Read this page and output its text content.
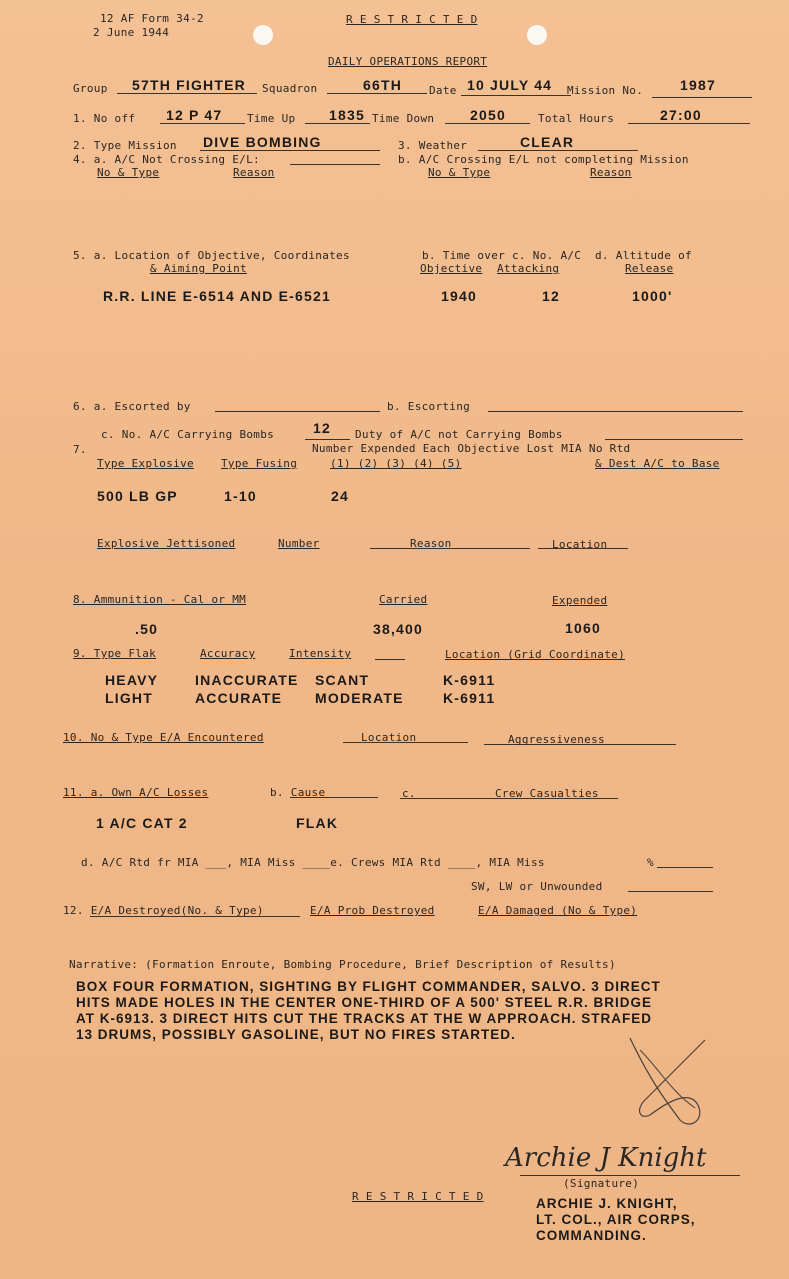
12 AF Form 34-2
2 June 1944
R E S T R I C T E D
DAILY OPERATIONS REPORT
Group 57TH FIGHTER Squadron	66TH Date 10 JULY 44 Mission No.	1987
1. No off 12 P 47 Time Up 1835 Time Down	2050	Total Hours	27:00
2. Type Mission DIVE BOMBING	3. Weather	CLEAR
4. a. A/C Not Crossing E/L:	b. A/C Crossing E/L not completing Mission
No & Type	Reason	No & Type	Reason
5. a. Location of Objective, Coordinates
& Aiming Point
b. Time over
Objective
c. No. A/C
Attacking
d. Altitude of
Release
R.R. LINE E-6514 AND E-6521	1940	12	1000'
6. a. Escorted by	b. Escorting
c. No. A/C Carrying Bombs	12 Duty of A/C not Carrying Bombs
7.	Number Expended Each Objective Lost MIA No Rtd
Type Explosive Type Fusing	(1) (2) (3) (4) (5)	& Dest A/C to Base
500 LB GP	1-10	24
Explosive Jettisoned	Number	Reason	Location
8. Ammunition - Cal or MM	Carried	Expended
.50	38,400	1060
9. Type Flak	Accuracy	Intensity	Location (Grid Coordinate)
HEAVY	INACCURATE SCANT	K-6911
LIGHT	ACCURATE MODERATE	K-6911
10. No & Type E/A Encountered	Location	Aggressiveness
11. a. Own A/C Losses	b. Cause	c.	Crew Casualties
1 A/C CAT 2	FLAK
d. A/C Rtd fr MIA ___, MIA Miss ____e. Crews MIA Rtd ____, MIA Miss	%
SW, LW or Unwounded
12. E/A Destroyed(No. & Type)	E/A Prob Destroyed	E/A Damaged (No & Type)
Narrative: (Formation Enroute, Bombing Procedure, Brief Description of Results)
BOX FOUR FORMATION, SIGHTING BY FLIGHT COMMANDER, SALVO. 3 DIRECT
HITS MADE HOLES IN THE CENTER ONE-THIRD OF A 500' STEEL R.R. BRIDGE
AT K-6913. 3 DIRECT HITS CUT THE TRACKS AT THE W APPROACH. STRAFED
13 DRUMS, POSSIBLY GASOLINE, BUT NO FIRES STARTED.
Archie J Knight
(Signature)
R E S T R I C T E D	ARCHIE J. KNIGHT,
LT. COL., AIR CORPS,
COMMANDING.
